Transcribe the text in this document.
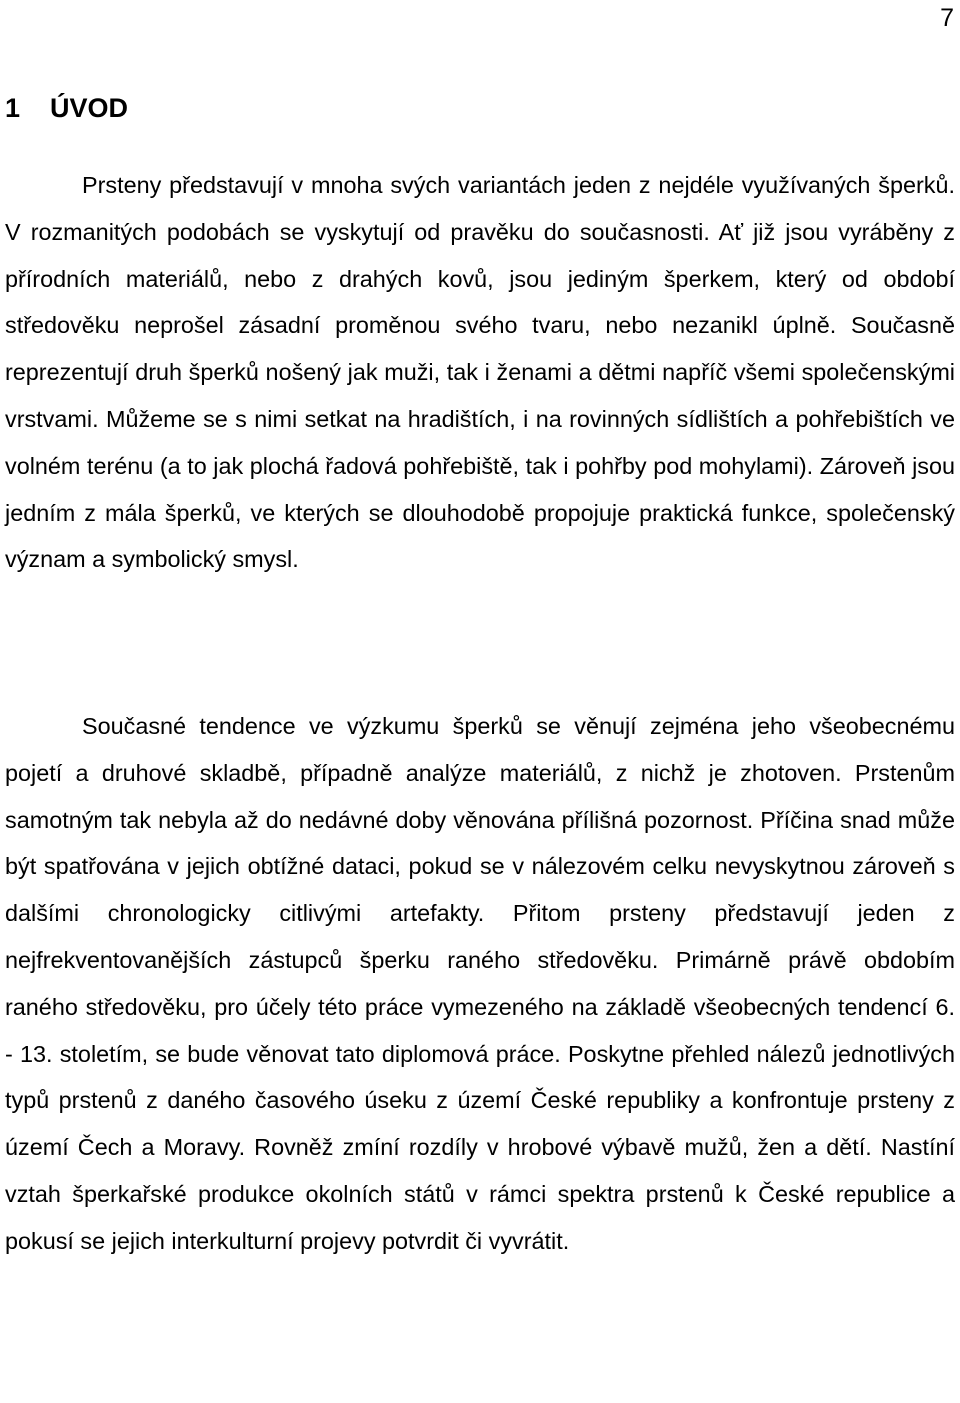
7
1 ÚVOD

Prsteny představují v mnoha svých variantách jeden z nejdéle využívaných šperků. V rozmanitých podobách se vyskytují od pravěku do současnosti. Ať již jsou vyráběny z přírodních materiálů, nebo z drahých kovů, jsou jediným šperkem, který od období středověku neprošel zásadní proměnou svého tvaru, nebo nezanikl úplně. Současně reprezentují druh šperků nošený jak muži, tak i ženami a dětmi napříč všemi společenskými vrstvami. Můžeme se s nimi setkat na hradištích, i na rovinných sídlištích a pohřebištích ve volném terénu (a to jak plochá řadová pohřebiště, tak i pohřby pod mohylami). Zároveň jsou jedním z mála šperků, ve kterých se dlouhodobě propojuje praktická funkce, společenský význam a symbolický smysl.

Současné tendence ve výzkumu šperků se věnují zejména jeho všeobecnému pojetí a druhové skladbě, případně analýze materiálů, z nichž je zhotoven. Prstenům samotným tak nebyla až do nedávné doby věnována přílišná pozornost. Příčina snad může být spatřována v jejich obtížné dataci, pokud se v nálezovém celku nevyskytnou zároveň s dalšími chronologicky citlivými artefakty. Přitom prsteny představují jeden z nejfrekventovanějších zástupců šperku raného středověku. Primárně právě obdobím raného středověku, pro účely této práce vymezeného na základě všeobecných tendencí 6. - 13. stoletím, se bude věnovat tato diplomová práce. Poskytne přehled nálezů jednotlivých typů prstenů z daného časového úseku z území České republiky a konfrontuje prsteny z území Čech a Moravy. Rovněž zmíní rozdíly v hrobové výbavě mužů, žen a dětí. Nastíní vztah šperkařské produkce okolních států v rámci spektra prstenů k České republice a pokusí se jejich interkulturní projevy potvrdit či vyvrátit.
